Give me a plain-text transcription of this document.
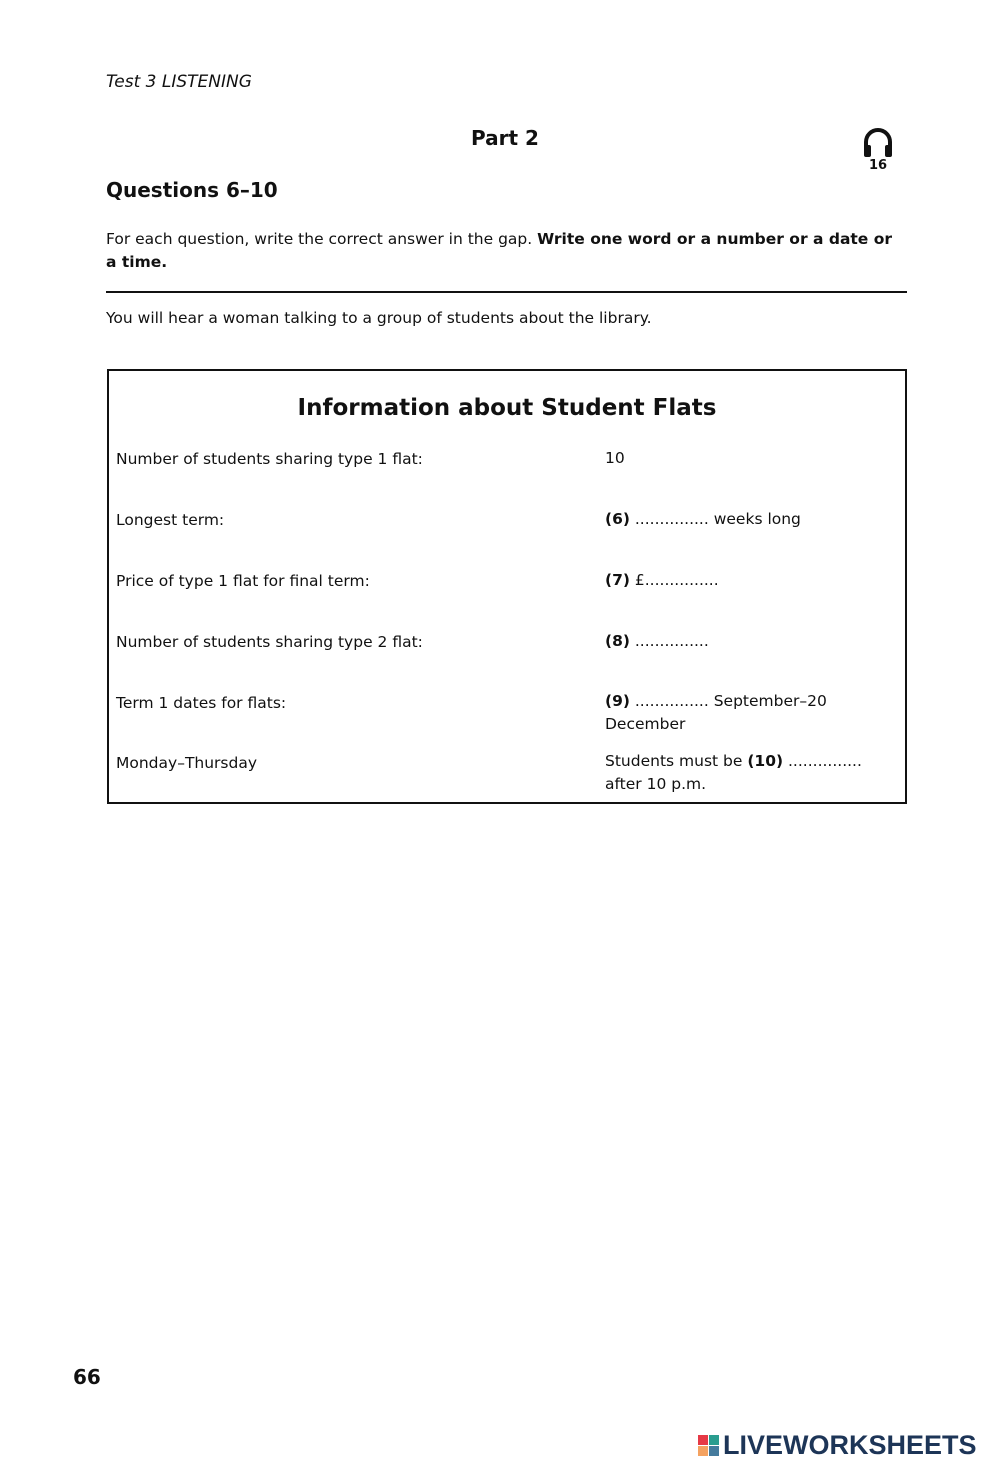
Test 3 LISTENING
Part 2
16
Questions 6–10
For each question, write the correct answer in the gap. Write one word or a number or a date or a time.
You will hear a woman talking to a group of students about the library.
Information about Student Flats
Number of students sharing type 1 flat:	10
Longest term:	(6) ............... weeks long
Price of type 1 flat for final term:	(7) £...............
Number of students sharing type 2 flat:	(8) ...............
Term 1 dates for flats:	(9) ............... September–20 December
Monday–Thursday	Students must be (10) ............... after 10 p.m.
66
LIVEWORKSHEETS
